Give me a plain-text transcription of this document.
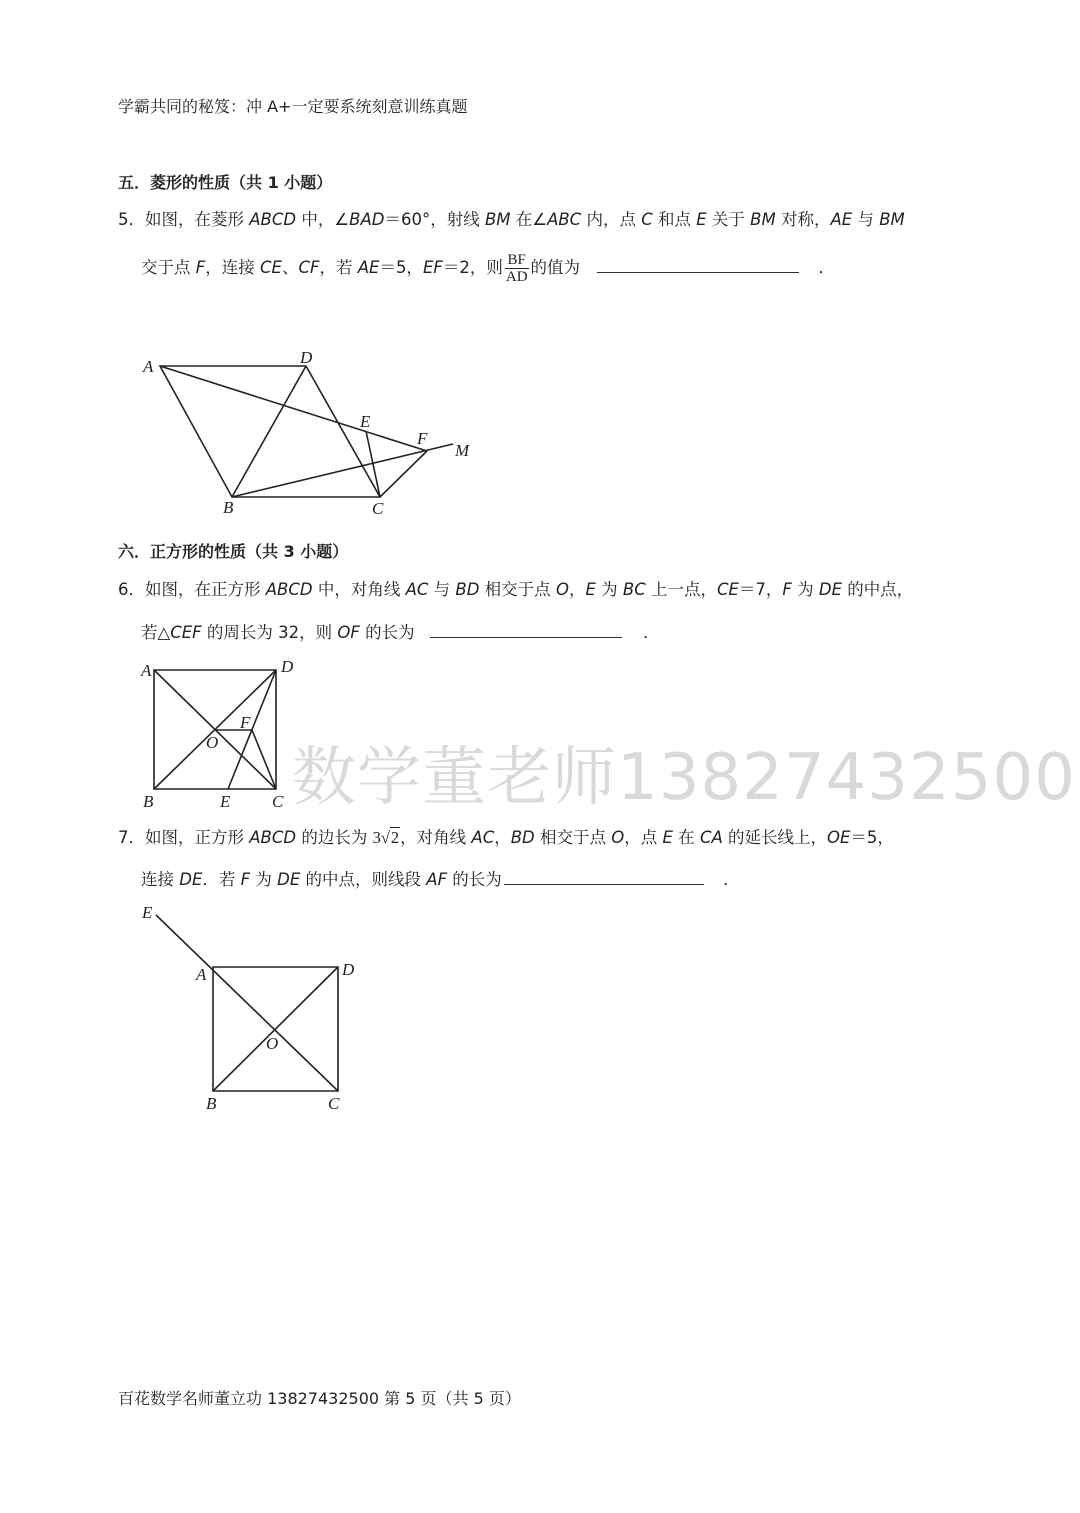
学霸共同的秘笈：冲 A+一定要系统刻意训练真题
五．菱形的性质（共 1 小题）
5．如图，在菱形 ABCD 中，∠BAD＝60°，射线 BM 在∠ABC 内，点 C 和点 E 关于 BM 对称，AE 与 BM
交于点 F，连接 CE、CF，若 AE＝5，EF＝2，则 $\frac{BF}{AD}$ 的值为	．
A	D
E
F
M
B	C
A	D
F
O
B	E C
E
A	D
O
B	C
六．正方形的性质（共 3 小题）
6．如图，在正方形 ABCD 中，对角线 AC 与 BD 相交于点 O，E 为 BC 上一点，CE＝7，F 为 DE 的中点，
若△CEF 的周长为 32，则 OF 的长为	．
数学董老师13827432500
7．如图，正方形 ABCD 的边长为 3√2，对角线 AC，BD 相交于点 O，点 E 在 CA 的延长线上，OE＝5，
连接 DE．若 F 为 DE 的中点，则线段 AF 的长为	．
百花数学名师董立功 13827432500 第 5 页（共 5 页）
